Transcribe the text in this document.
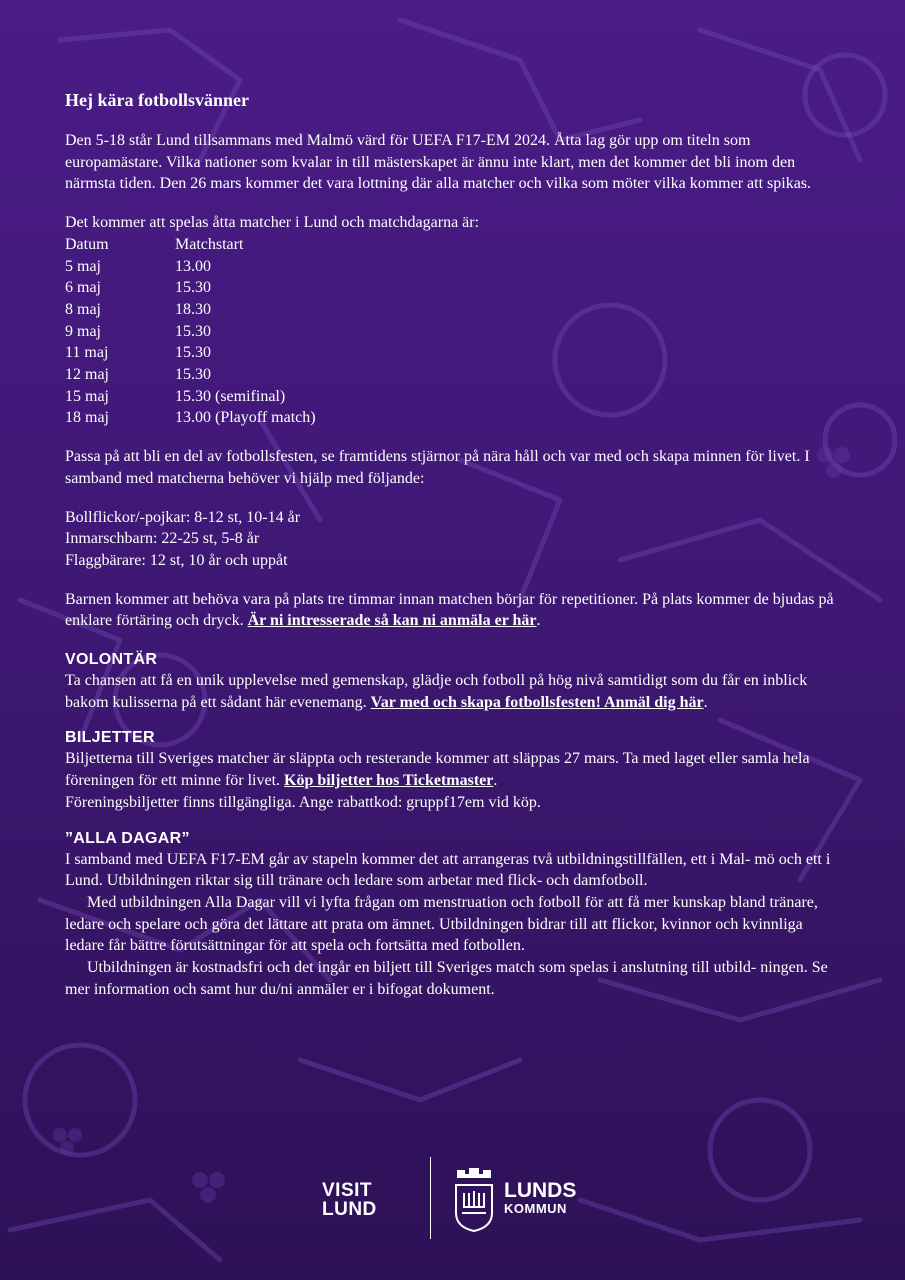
Hej kära fotbollsvänner

Den 5-18 står Lund tillsammans med Malmö värd för UEFA F17-EM 2024. Åtta lag gör upp om titeln som europamästare. Vilka nationer som kvalar in till mästerskapet är ännu inte klart, men det kommer det bli inom den närmsta tiden. Den 26 mars kommer det vara lottning där alla matcher och vilka som möter vilka kommer att spikas.

Det kommer att spelas åtta matcher i Lund och matchdagarna är:

Datum	Matchstart
5 maj	13.00
6 maj	15.30
8 maj	18.30
9 maj	15.30
11 maj	15.30
12 maj	15.30
15 maj	15.30 (semifinal)
18 maj	13.00 (Playoff match)

Passa på att bli en del av fotbollsfesten, se framtidens stjärnor på nära håll och var med och skapa minnen för livet. I samband med matcherna behöver vi hjälp med följande:

Bollflickor/-pojkar: 8-12 st, 10-14 år

Inmarschbarn: 22-25 st, 5-8 år

Flaggbärare: 12 st, 10 år och uppåt

Barnen kommer att behöva vara på plats tre timmar innan matchen börjar för repetitioner. På plats kommer de bjudas på enklare förtäring och dryck. Är ni intresserade så kan ni anmäla er här.

VOLONTÄR

Ta chansen att få en unik upplevelse med gemenskap, glädje och fotboll på hög nivå samtidigt som du får en inblick bakom kulisserna på ett sådant här evenemang. Var med och skapa fotbollsfesten! Anmäl dig här.

BILJETTER

Biljetterna till Sveriges matcher är släppta och resterande kommer att släppas 27 mars. Ta med laget eller samla hela föreningen för ett minne för livet. Köp biljetter hos Ticketmaster.

Föreningsbiljetter finns tillgängliga. Ange rabattkod: gruppf17em vid köp.

”ALLA DAGAR”

I samband med UEFA F17-EM går av stapeln kommer det att arrangeras två utbildningstillfällen, ett i Mal- mö och ett i Lund. Utbildningen riktar sig till tränare och ledare som arbetar med flick- och damfotboll.

Med utbildningen Alla Dagar vill vi lyfta frågan om menstruation och fotboll för att få mer kunskap bland tränare, ledare och spelare och göra det lättare att prata om ämnet. Utbildningen bidrar till att flickor, kvinnor och kvinnliga ledare får bättre förutsättningar för att spela och fortsätta med fotbollen.

Utbildningen är kostnadsfri och det ingår en biljett till Sveriges match som spelas i anslutning till utbild- ningen. Se mer information och samt hur du/ni anmäler er i bifogat dokument.

VISIT
LUND
LUNDS
KOMMUN
